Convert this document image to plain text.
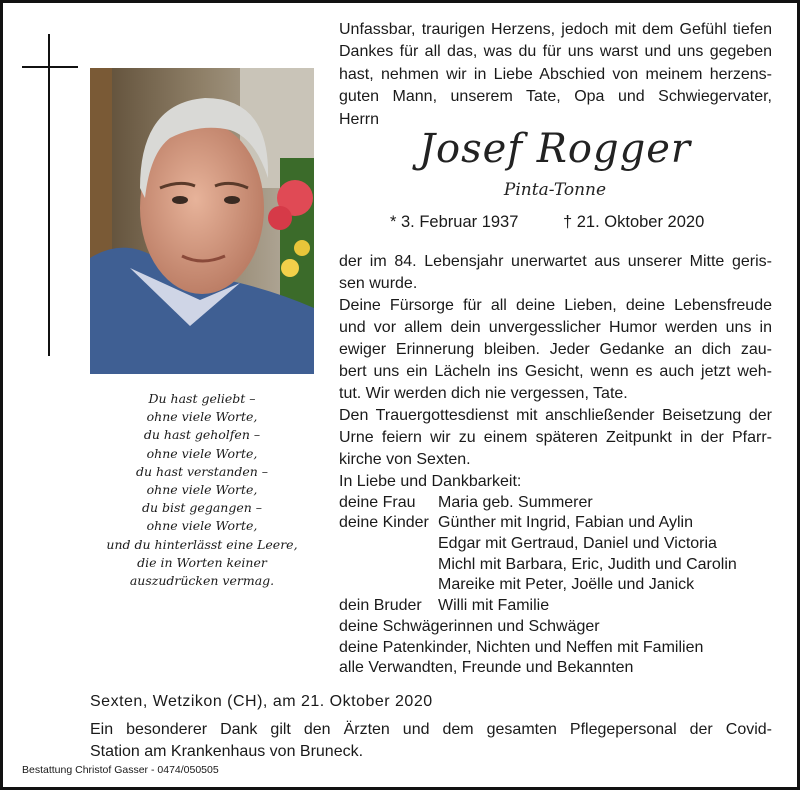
Du hast geliebt –
ohne viele Worte,
du hast geholfen –
ohne viele Worte,
du hast verstanden –
ohne viele Worte,
du bist gegangen –
ohne viele Worte,
und du hinterlässt eine Leere,
die in Worten keiner
auszudrücken vermag.
Unfassbar, traurigen Herzens, jedoch mit dem Gefühl tiefen
Dankes für all das, was du für uns warst und uns gegeben
hast, nehmen wir in Liebe Abschied von meinem herzens-
guten Mann, unserem Tate, Opa und Schwiegervater,
Herrn
Josef Rogger
Pinta-Tonne
* 3. Februar 1937	† 21. Oktober 2020
der im 84. Lebensjahr unerwartet aus unserer Mitte geris-
sen wurde.
Deine Fürsorge für all deine Lieben, deine Lebensfreude
und vor allem dein unvergesslicher Humor werden uns in
ewiger Erinnerung bleiben. Jeder Gedanke an dich zau-
bert uns ein Lächeln ins Gesicht, wenn es auch jetzt weh-
tut. Wir werden dich nie vergessen, Tate.
Den Trauergottesdienst mit anschließender Beisetzung der
Urne feiern wir zu einem späteren Zeitpunkt in der Pfarr-
kirche von Sexten.
In Liebe und Dankbarkeit:
deine Frau Maria geb. Summerer
deine Kinder Günther mit Ingrid, Fabian und Aylin
Edgar mit Gertraud, Daniel und Victoria
Michl mit Barbara, Eric, Judith und Carolin
Mareike mit Peter, Joëlle und Janick
dein Bruder Willi mit Familie
deine Schwägerinnen und Schwäger
deine Patenkinder, Nichten und Neffen mit Familien
alle Verwandten, Freunde und Bekannten
Sexten, Wetzikon (CH), am 21. Oktober 2020
Ein besonderer Dank gilt den Ärzten und dem gesamten Pflegepersonal der Covid-
Station am Krankenhaus von Bruneck.
Bestattung Christof Gasser - 0474/050505
